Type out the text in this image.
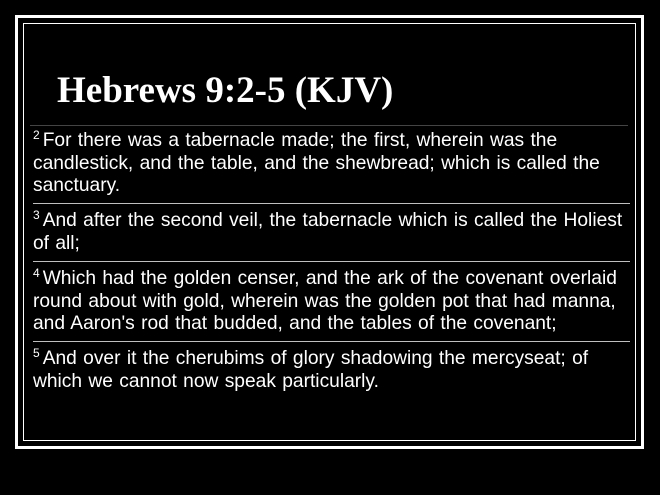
Hebrews 9:2-5 (KJV)
$^2$ For there was a tabernacle made; the first, wherein was the candlestick, and the table, and the shewbread; which is called the sanctuary.
$^3$ And after the second veil, the tabernacle which is called the Holiest of all;
$^4$ Which had the golden censer, and the ark of the covenant overlaid round about with gold, wherein was the golden pot that had manna, and Aaron's rod that budded, and the tables of the covenant;
$^5$ And over it the cherubims of glory shadowing the mercyseat; of which we cannot now speak particularly.
